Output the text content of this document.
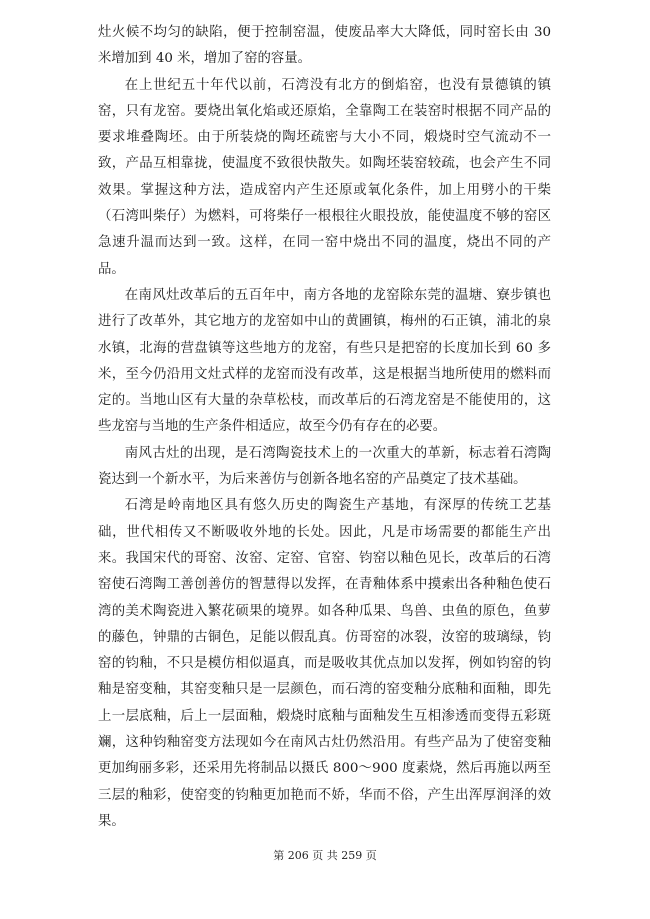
灶火候不均匀的缺陷，便于控制窑温，使废品率大大降低，同时窑长由 30 米增加到 40 米，增加了窑的容量。

在上世纪五十年代以前，石湾没有北方的倒焰窑，也没有景德镇的镇窑，只有龙窑。要烧出氧化焰或还原焰，全靠陶工在装窑时根据不同产品的要求堆叠陶坯。由于所装烧的陶坯疏密与大小不同，煅烧时空气流动不一致，产品互相靠拢，使温度不致很快散失。如陶坯装窑较疏，也会产生不同效果。掌握这种方法，造成窑内产生还原或氧化条件，加上用劈小的干柴（石湾叫柴仔）为燃料，可将柴仔一根根往火眼投放，能使温度不够的窑区急速升温而达到一致。这样，在同一窑中烧出不同的温度，烧出不同的产品。

在南风灶改革后的五百年中，南方各地的龙窑除东莞的温塘、寮步镇也进行了改革外，其它地方的龙窑如中山的黄圃镇，梅州的石正镇，浦北的泉水镇，北海的营盘镇等这些地方的龙窑，有些只是把窑的长度加长到 60 多米，至今仍沿用文灶式样的龙窑而没有改革，这是根据当地所使用的燃料而定的。当地山区有大量的杂草松枝，而改革后的石湾龙窑是不能使用的，这些龙窑与当地的生产条件相适应，故至今仍有存在的必要。

南风古灶的出现，是石湾陶瓷技术上的一次重大的革新，标志着石湾陶瓷达到一个新水平，为后来善仿与创新各地名窑的产品奠定了技术基础。

石湾是岭南地区具有悠久历史的陶瓷生产基地，有深厚的传统工艺基础，世代相传又不断吸收外地的长处。因此，凡是市场需要的都能生产出来。我国宋代的哥窑、汝窑、定窑、官窑、钧窑以釉色见长，改革后的石湾窑使石湾陶工善创善仿的智慧得以发挥，在青釉体系中摸索出各种釉色使石湾的美术陶瓷进入繁花硕果的境界。如各种瓜果、鸟兽、虫鱼的原色，鱼萝的藤色，钟鼎的古铜色，足能以假乱真。仿哥窑的冰裂，汝窑的玻璃绿，钧窑的钧釉，不只是模仿相似逼真，而是吸收其优点加以发挥，例如钧窑的钧釉是窑变釉，其窑变釉只是一层颜色，而石湾的窑变釉分底釉和面釉，即先上一层底釉，后上一层面釉，煅烧时底釉与面釉发生互相渗透而变得五彩斑斓，这种钧釉窑变方法现如今在南风古灶仍然沿用。有些产品为了使窑变釉更加绚丽多彩，还采用先将制品以摄氏 800～900 度素烧，然后再施以两至三层的釉彩，使窑变的钧釉更加艳而不娇，华而不俗，产生出浑厚润泽的效果。

第 206 页 共 259 页
